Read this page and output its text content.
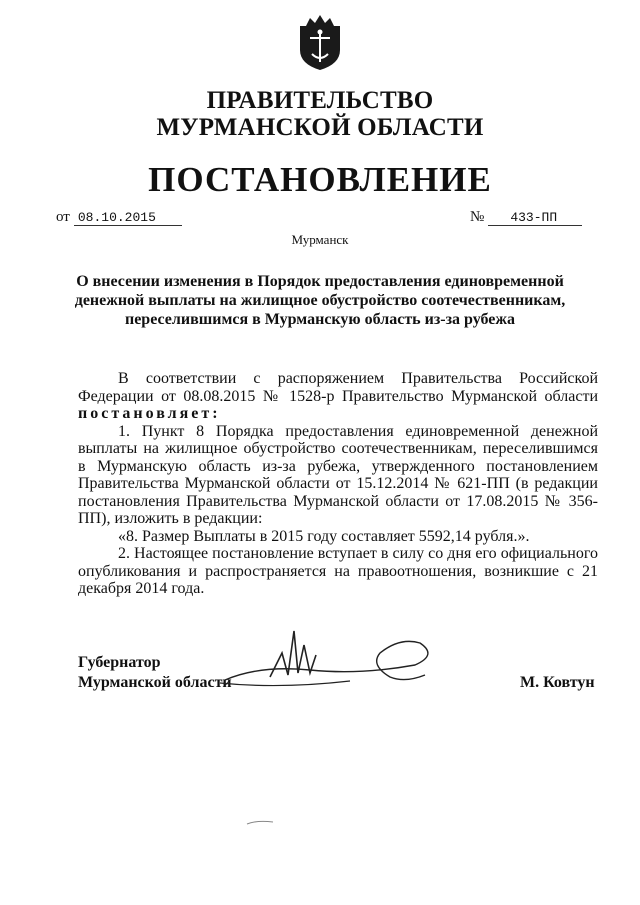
ПРАВИТЕЛЬСТВО
МУРМАНСКОЙ ОБЛАСТИ
ПОСТАНОВЛЕНИЕ
от 08.10.2015	№ 433-ПП
Мурманск
О внесении изменения в Порядок предоставления единовременной
денежной выплаты на жилищное обустройство соотечественникам,
переселившимся в Мурманскую область из-за рубежа

В соответствии с распоряжением Правительства Российской Федерации от 08.08.2015 № 1528-р Правительство Мурманской области постановляет:

1. Пункт 8 Порядка предоставления единовременной денежной выплаты на жилищное обустройство соотечественникам, переселившимся в Мурманскую область из-за рубежа, утвержденного постановлением Правительства Мурманской области от 15.12.2014 № 621-ПП (в редакции постановления Правительства Мурманской области от 17.08.2015 № 356-ПП), изложить в редакции:

«8. Размер Выплаты в 2015 году составляет 5592,14 рубля.».

2. Настоящее постановление вступает в силу со дня его официального опубликования и распространяется на правоотношения, возникшие с 21 декабря 2014 года.

Губернатор
Мурманской области	М. Ковтун
